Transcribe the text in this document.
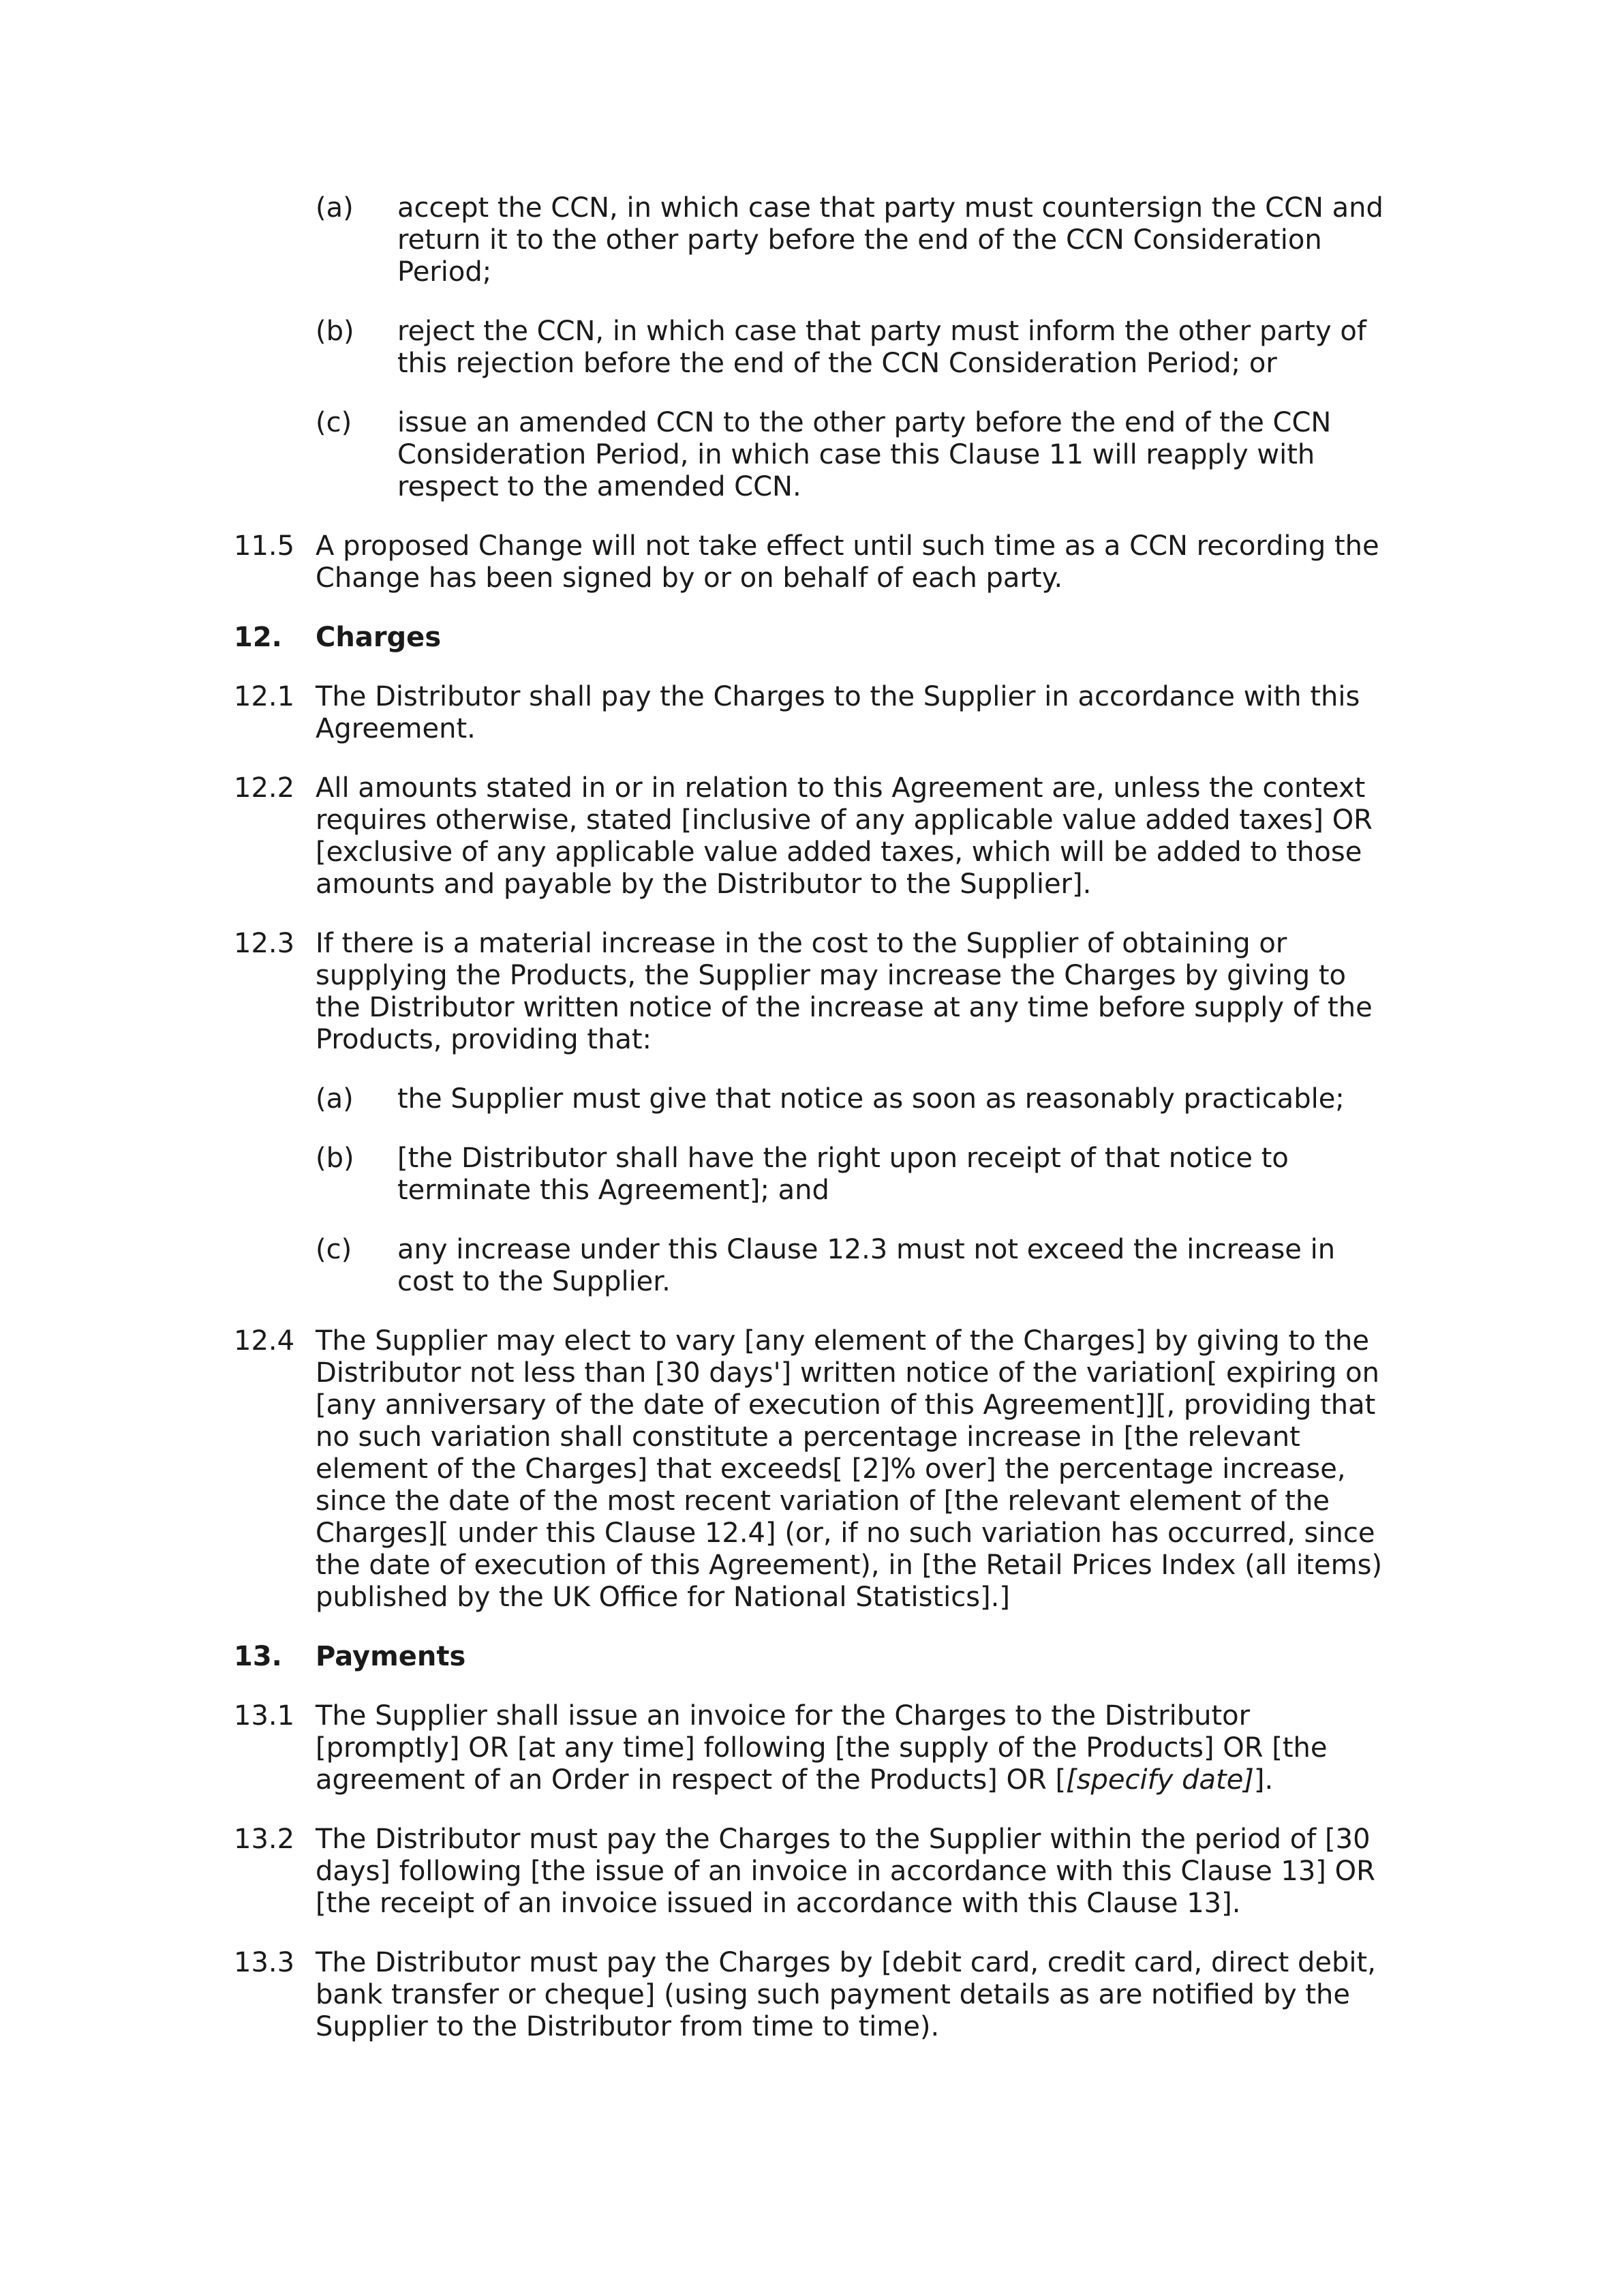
(a)	accept the CCN, in which case that party must countersign the CCN and return it to the other party before the end of the CCN Consideration Period;
(b)	reject the CCN, in which case that party must inform the other party of this rejection before the end of the CCN Consideration Period; or
(c)	issue an amended CCN to the other party before the end of the CCN Consideration Period, in which case this Clause 11 will reapply with respect to the amended CCN.
11.5 A proposed Change will not take effect until such time as a CCN recording the Change has been signed by or on behalf of each party.
12.	Charges
12.1 The Distributor shall pay the Charges to the Supplier in accordance with this Agreement.
12.2 All amounts stated in or in relation to this Agreement are, unless the context requires otherwise, stated [inclusive of any applicable value added taxes] OR [exclusive of any applicable value added taxes, which will be added to those amounts and payable by the Distributor to the Supplier].
12.3 If there is a material increase in the cost to the Supplier of obtaining or supplying the Products, the Supplier may increase the Charges by giving to the Distributor written notice of the increase at any time before supply of the Products, providing that:
(a)	the Supplier must give that notice as soon as reasonably practicable;
(b)	[the Distributor shall have the right upon receipt of that notice to terminate this Agreement]; and
(c)	any increase under this Clause 12.3 must not exceed the increase in cost to the Supplier.
12.4 The Supplier may elect to vary [any element of the Charges] by giving to the Distributor not less than [30 days'] written notice of the variation[ expiring on [any anniversary of the date of execution of this Agreement]][, providing that no such variation shall constitute a percentage increase in [the relevant element of the Charges] that exceeds[ [2]% over] the percentage increase, since the date of the most recent variation of [the relevant element of the Charges][ under this Clause 12.4] (or, if no such variation has occurred, since the date of execution of this Agreement), in [the Retail Prices Index (all items) published by the UK Office for National Statistics].]
13.	Payments
13.1 The Supplier shall issue an invoice for the Charges to the Distributor [promptly] OR [at any time] following [the supply of the Products] OR [the agreement of an Order in respect of the Products] OR [[specify date]].
13.2 The Distributor must pay the Charges to the Supplier within the period of [30 days] following [the issue of an invoice in accordance with this Clause 13] OR [the receipt of an invoice issued in accordance with this Clause 13].
13.3 The Distributor must pay the Charges by [debit card, credit card, direct debit, bank transfer or cheque] (using such payment details as are notified by the Supplier to the Distributor from time to time).
